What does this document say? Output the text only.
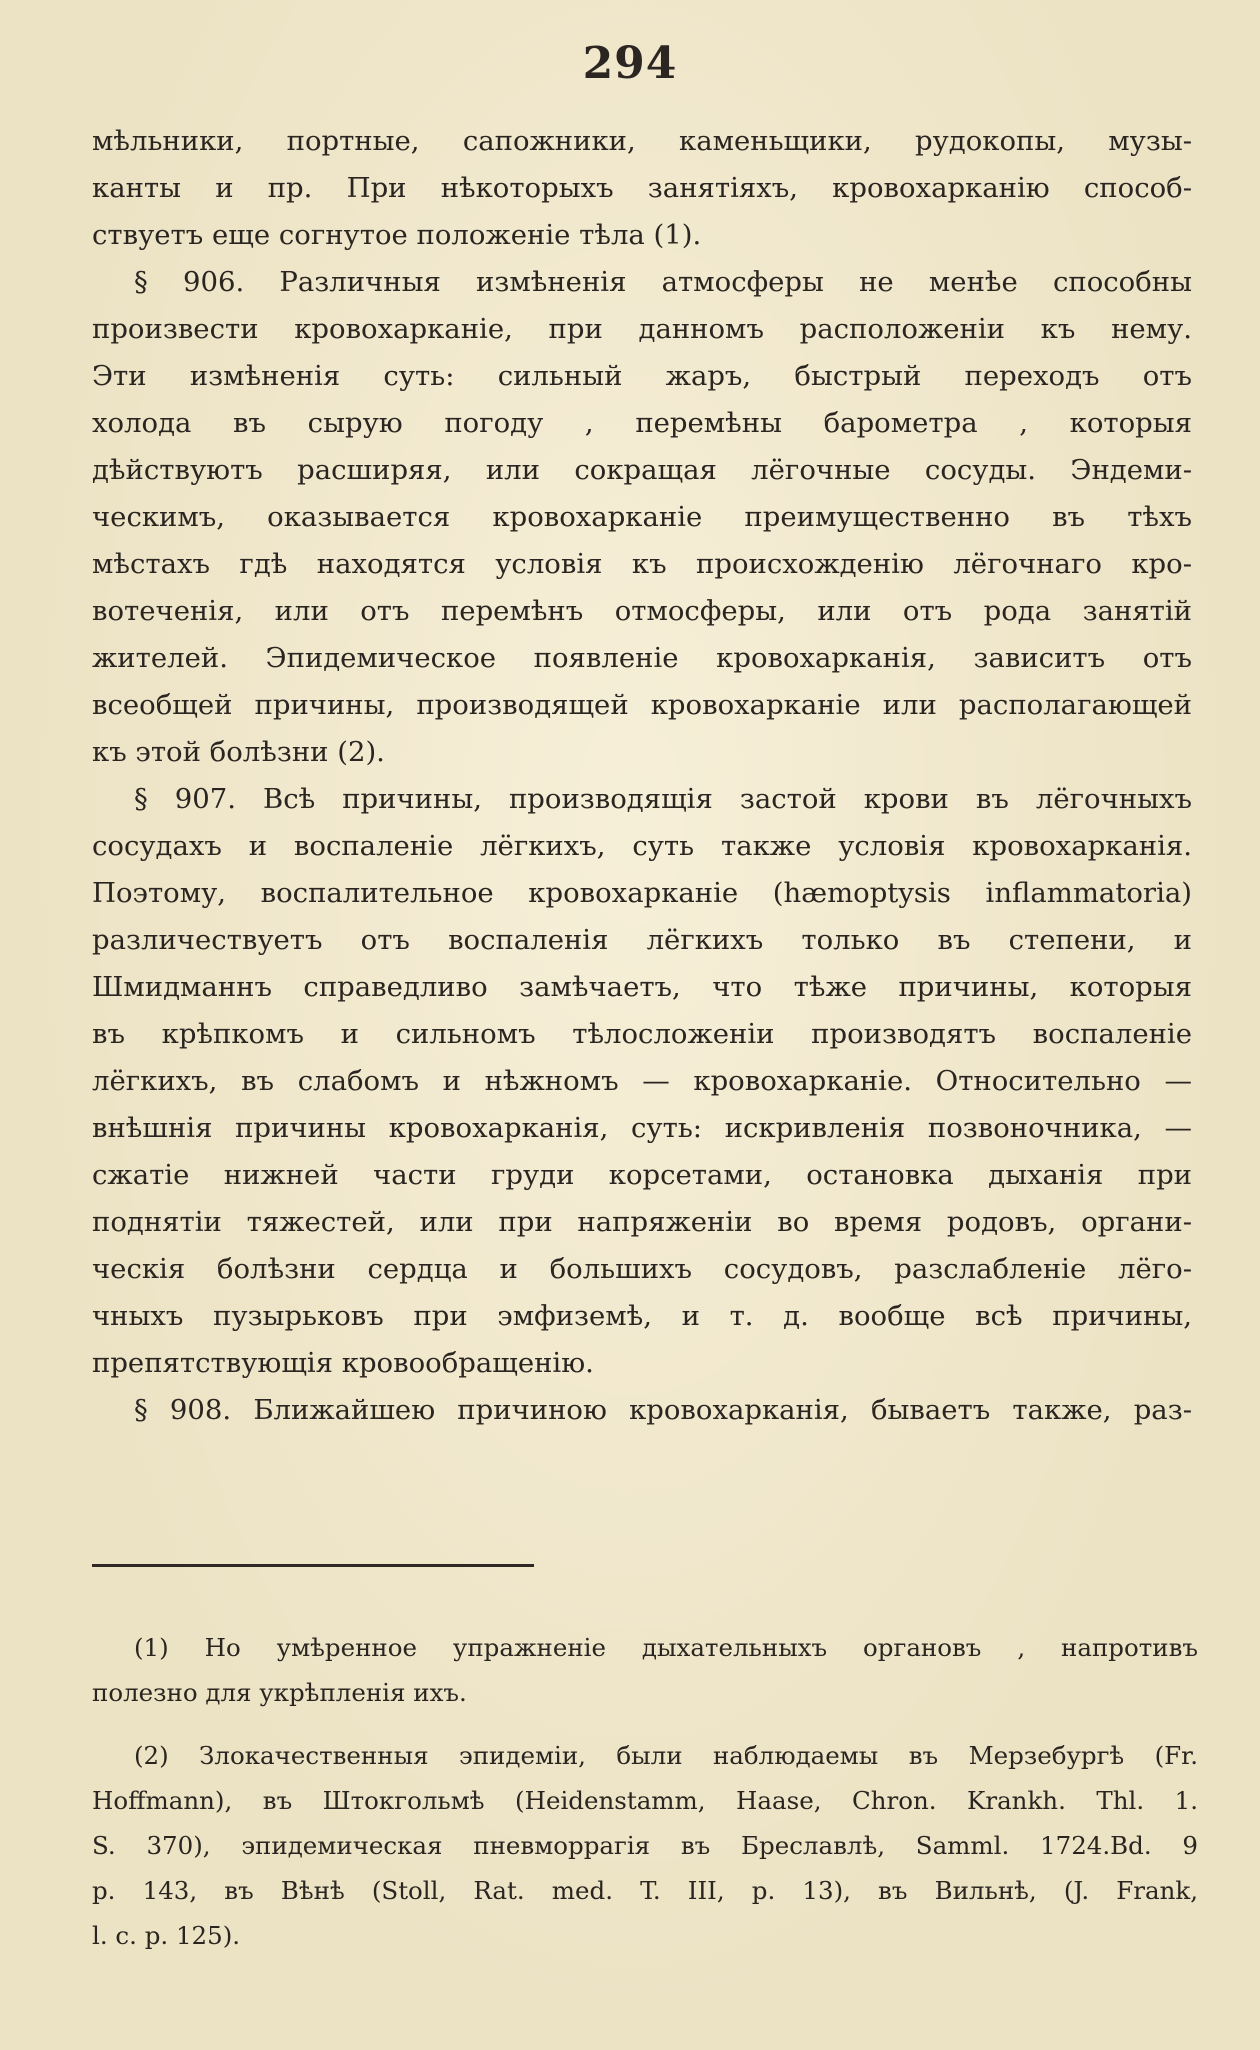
294
мѣльники, портные, сапожники, каменьщики, рудокопы, музы-
канты и пр. При нѣкоторыхъ занятіяхъ, кровохарканію способ-
ствуетъ еще согнутое положеніе тѣла (1).
§ 906. Различныя измѣненія атмосферы не менѣе способны
произвести кровохарканіе, при данномъ расположеніи къ нему.
Эти измѣненія суть: сильный жаръ, быстрый переходъ отъ
холода въ сырую погоду , перемѣны барометра , которыя
дѣйствуютъ расширяя, или сокращая лёгочные сосуды. Эндеми-
ческимъ, оказывается кровохарканіе преимущественно въ тѣхъ
мѣстахъ гдѣ находятся условія къ происхожденію лёгочнаго кро-
вотеченія, или отъ перемѣнъ отмосферы, или отъ рода занятій
жителей. Эпидемическое появленіе кровохарканія, зависитъ отъ
всеобщей причины, производящей кровохарканіе или располагающей
къ этой болѣзни (2).
§ 907. Всѣ причины, производящія застой крови въ лёгочныхъ
сосудахъ и воспаленіе лёгкихъ, суть также условія кровохарканія.
Поэтому, воспалительное кровохарканіе (hæmoptysis inflammatoria)
различествуетъ отъ воспаленія лёгкихъ только въ степени, и
Шмидманнъ справедливо замѣчаетъ, что тѣже причины, которыя
въ крѣпкомъ и сильномъ тѣлосложеніи производятъ воспаленіе
лёгкихъ, въ слабомъ и нѣжномъ — кровохарканіе. Относительно —
внѣшнія причины кровохарканія, суть: искривленія позвоночника, —
сжатіе нижней части груди корсетами, остановка дыханія при
поднятіи тяжестей, или при напряженіи во время родовъ, органи-
ческія болѣзни сердца и большихъ сосудовъ, разслабленіе лёго-
чныхъ пузырьковъ при эмфиземѣ, и т. д. вообще всѣ причины,
препятствующія кровообращенію.
§ 908. Ближайшею причиною кровохарканія, бываетъ также, раз-
(1) Но умѣренное упражненіе дыхательныхъ органовъ , напротивъ
полезно для укрѣпленія ихъ.
(2) Злокачественныя эпидеміи, были наблюдаемы въ Мерзебургѣ (Fr.
Hoffmann), въ Штокгольмѣ (Heidenstamm, Haase, Chron. Krankh. Thl. 1.
S. 370), эпидемическая пневморрагія въ Бреславлѣ, Samml. 1724.Bd. 9
p. 143, въ Вѣнѣ (Stoll, Rat. med. T. III, p. 13), въ Вильнѣ, (J. Frank,
l. c. p. 125).
